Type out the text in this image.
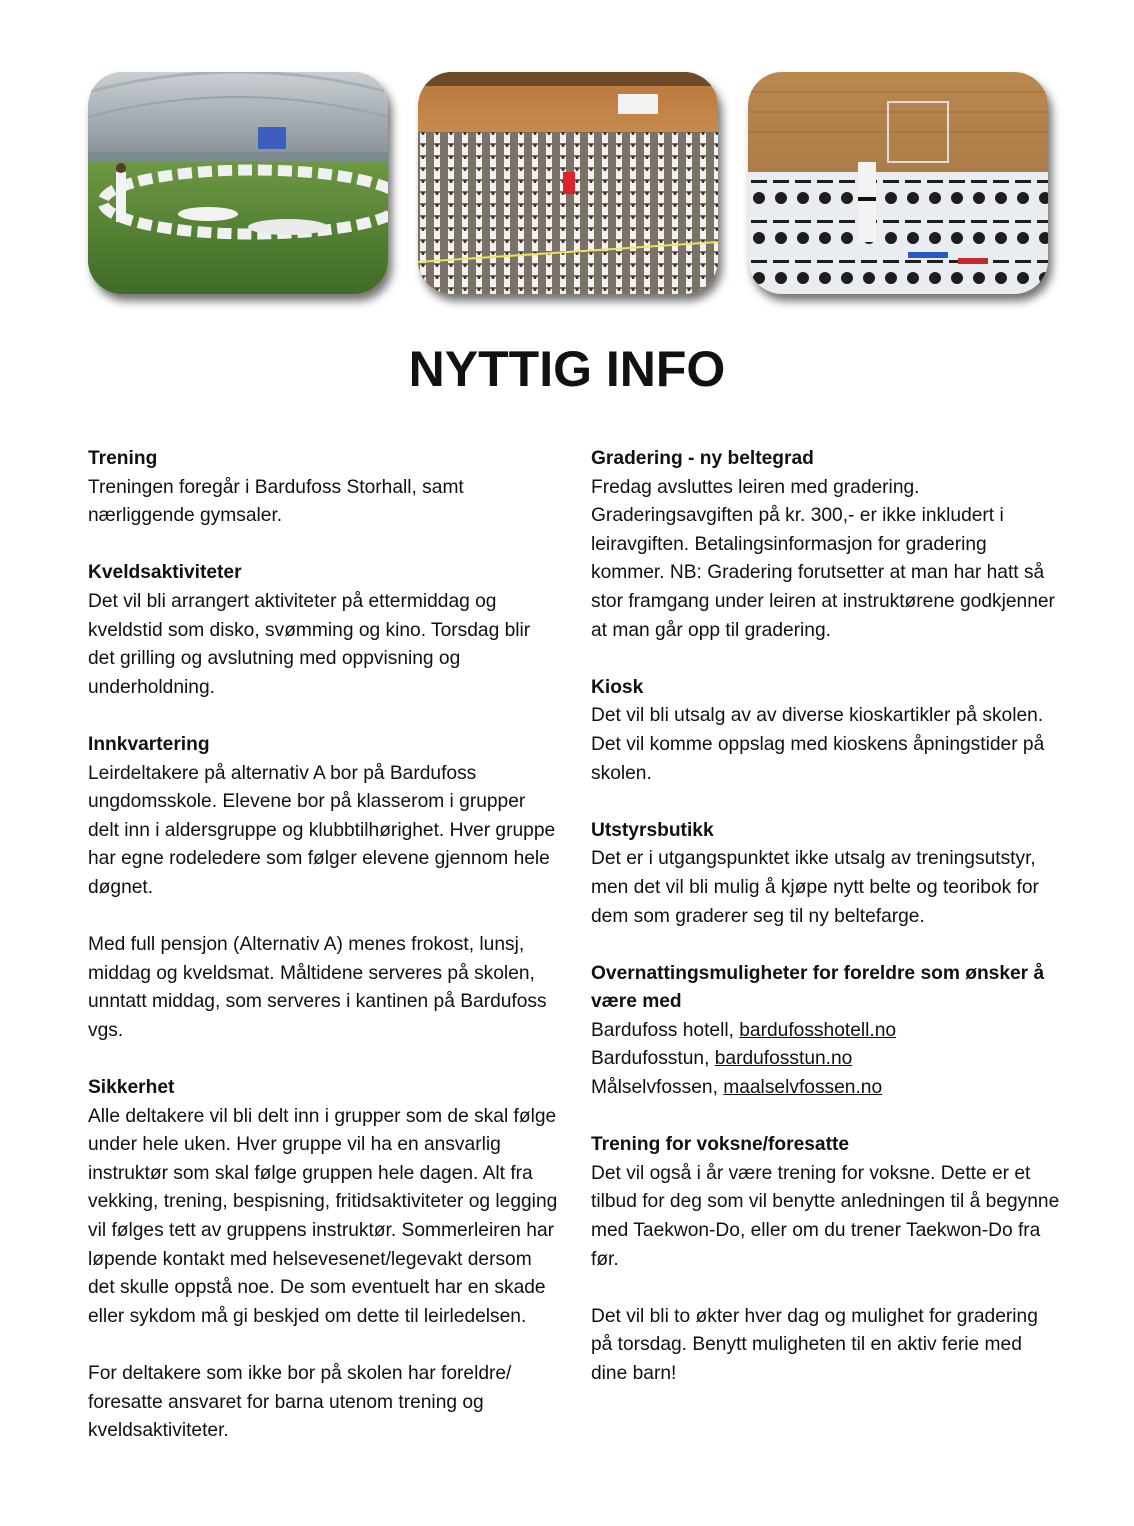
NYTTIG INFO
Trening

Treningen foregår i Bardufoss Storhall, samt nærliggende gymsaler.

Kveldsaktiviteter

Det vil bli arrangert aktiviteter på ettermiddag og kveldstid som disko, svømming og kino. Torsdag blir det grilling og avslutning med oppvisning og underholdning.

Innkvartering

Leirdeltakere på alternativ A bor på Bardufoss ungdomsskole. Elevene bor på klasserom i grupper delt inn i aldersgruppe og klubbtilhørighet. Hver gruppe har egne rodeledere som følger elevene gjennom hele døgnet.

Med full pensjon (Alternativ A) menes frokost, lunsj, middag og kveldsmat. Måltidene serveres på skolen, unntatt middag, som serveres i kantinen på Bardufoss vgs.

Sikkerhet

Alle deltakere vil bli delt inn i grupper som de skal følge under hele uken. Hver gruppe vil ha en ansvarlig instruktør som skal følge gruppen hele dagen. Alt fra vekking, trening, bespisning, fritidsaktiviteter og legging vil følges tett av gruppens instruktør. Sommerleiren har løpende kontakt med helsevesenet/legevakt dersom det skulle oppstå noe. De som eventuelt har en skade eller sykdom må gi beskjed om dette til leirledelsen.

For deltakere som ikke bor på skolen har foreldre/ foresatte ansvaret for barna utenom trening og kveldsaktiviteter.

Gradering - ny beltegrad

Fredag avsluttes leiren med gradering. Graderingsavgiften på kr. 300,- er ikke inkludert i leiravgiften. Betalingsinformasjon for gradering kommer. NB: Gradering forutsetter at man har hatt så stor framgang under leiren at instruktørene godkjenner at man går opp til gradering.

Kiosk

Det vil bli utsalg av av diverse kioskartikler på skolen. Det vil komme oppslag med kioskens åpningstider på skolen.

Utstyrsbutikk

Det er i utgangspunktet ikke utsalg av treningsutstyr, men det vil bli mulig å kjøpe nytt belte og teoribok for dem som graderer seg til ny beltefarge.

Overnattingsmuligheter for foreldre som ønsker å være med
Bardufoss hotell, bardufosshotell.no
Bardufosstun, bardufosstun.no
Målselvfossen, maalselvfossen.no
Trening for voksne/foresatte

Det vil også i år være trening for voksne. Dette er et tilbud for deg som vil benytte anledningen til å begynne med Taekwon-Do, eller om du trener Taekwon-Do fra før.

Det vil bli to økter hver dag og mulighet for gradering på torsdag. Benytt muligheten til en aktiv ferie med dine barn!
